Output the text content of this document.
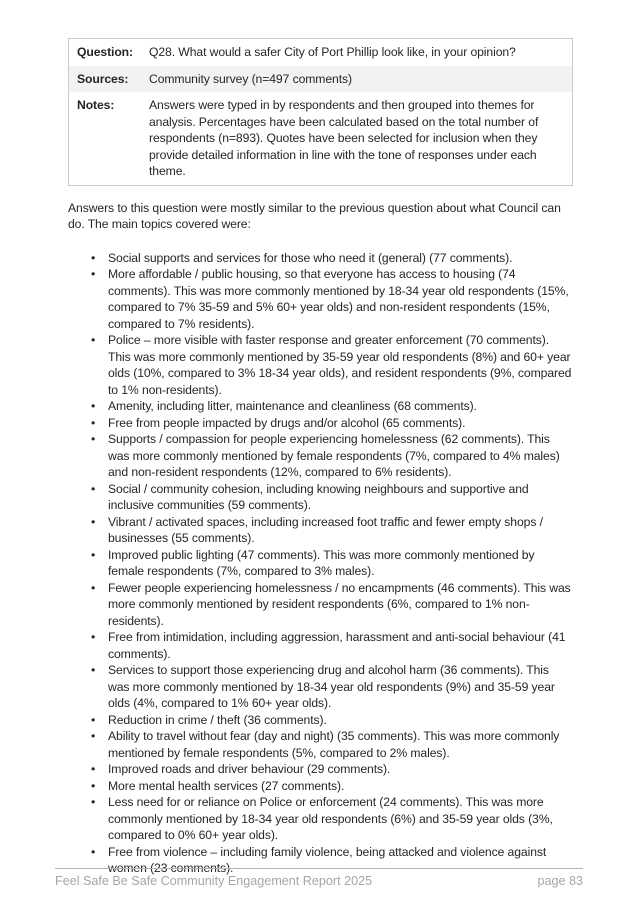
Question:	Q28. What would a safer City of Port Phillip look like, in your opinion?
Sources:	Community survey (n=497 comments)
Notes:	Answers were typed in by respondents and then grouped into themes for analysis. Percentages have been calculated based on the total number of respondents (n=893). Quotes have been selected for inclusion when they provide detailed information in line with the tone of responses under each theme.

Answers to this question were mostly similar to the previous question about what Council can do. The main topics covered were:

• Social supports and services for those who need it (general) (77 comments).
• More affordable / public housing, so that everyone has access to housing (74 comments). This was more commonly mentioned by 18-34 year old respondents (15%, compared to 7% 35-59 and 5% 60+ year olds) and non-resident respondents (15%, compared to 7% residents).
• Police – more visible with faster response and greater enforcement (70 comments). This was more commonly mentioned by 35-59 year old respondents (8%) and 60+ year olds (10%, compared to 3% 18-34 year olds), and resident respondents (9%, compared to 1% non-residents).
• Amenity, including litter, maintenance and cleanliness (68 comments).
• Free from people impacted by drugs and/or alcohol (65 comments).
• Supports / compassion for people experiencing homelessness (62 comments). This was more commonly mentioned by female respondents (7%, compared to 4% males) and non-resident respondents (12%, compared to 6% residents).
• Social / community cohesion, including knowing neighbours and supportive and inclusive communities (59 comments).
• Vibrant / activated spaces, including increased foot traffic and fewer empty shops / businesses (55 comments).
• Improved public lighting (47 comments). This was more commonly mentioned by female respondents (7%, compared to 3% males).
• Fewer people experiencing homelessness / no encampments (46 comments). This was more commonly mentioned by resident respondents (6%, compared to 1% non-residents).
• Free from intimidation, including aggression, harassment and anti-social behaviour (41 comments).
• Services to support those experiencing drug and alcohol harm (36 comments). This was more commonly mentioned by 18-34 year old respondents (9%) and 35-59 year olds (4%, compared to 1% 60+ year olds).
• Reduction in crime / theft (36 comments).
• Ability to travel without fear (day and night) (35 comments). This was more commonly mentioned by female respondents (5%, compared to 2% males).
• Improved roads and driver behaviour (29 comments).
• More mental health services (27 comments).
• Less need for or reliance on Police or enforcement (24 comments). This was more commonly mentioned by 18-34 year old respondents (6%) and 35-59 year olds (3%, compared to 0% 60+ year olds).
• Free from violence – including family violence, being attacked and violence against women (23 comments).
Feel Safe Be Safe Community Engagement Report 2025	page 83
